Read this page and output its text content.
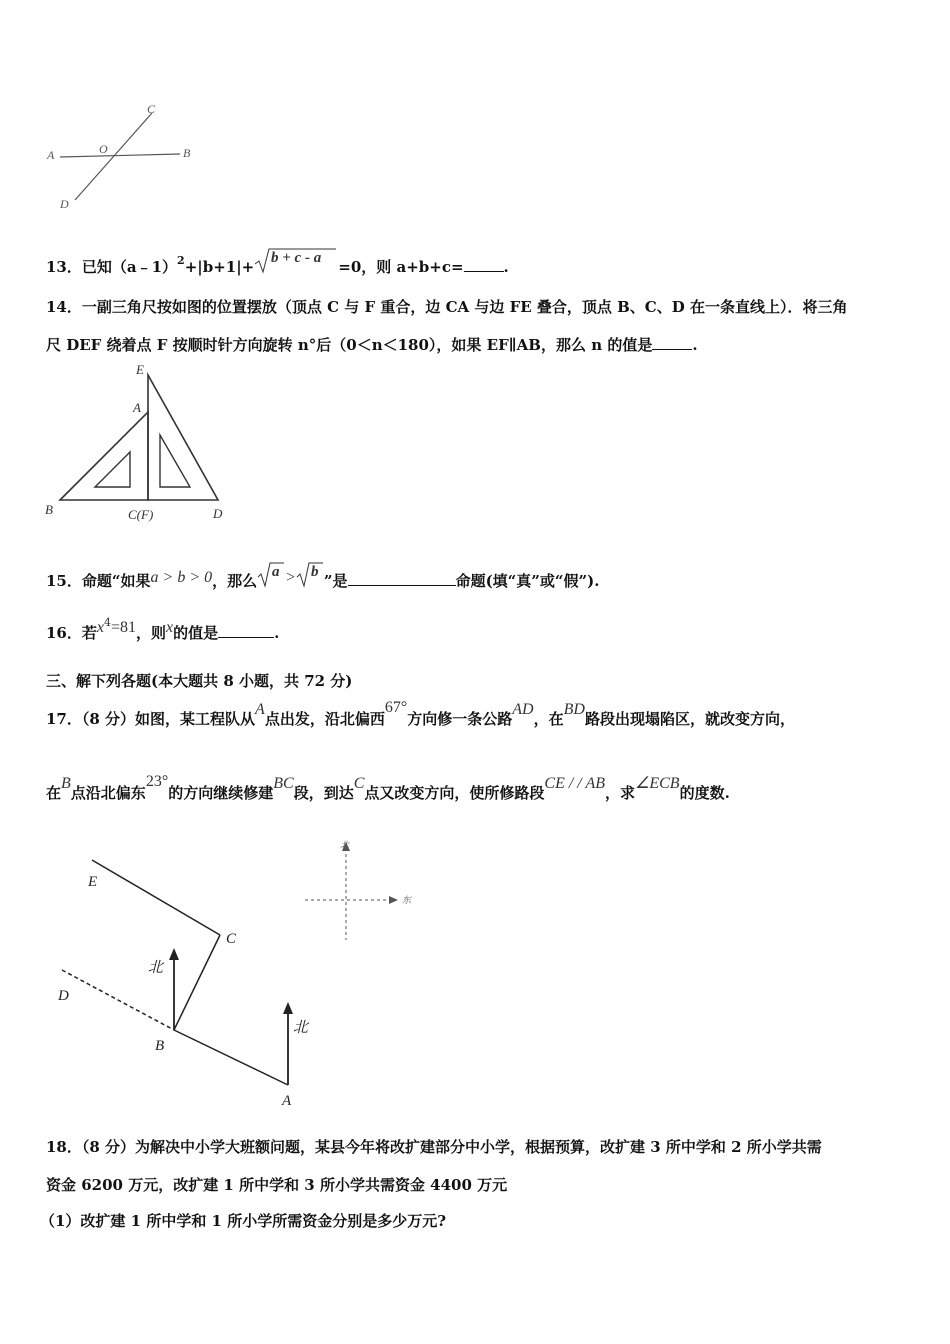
C
A	O	B
D
13．已知（a﹣1）$^2$+|b+1|+ b + c - a =0，则 a+b+c=	.
14．一副三角尺按如图的位置摆放（顶点 C 与 F 重合，边 CA 与边 FE 叠合，顶点 B、C、D 在一条直线上）．将三角
尺 DEF 绕着点 F 按顺时针方向旋转 n°后（0＜n＜180），如果 EF∥AB，那么 n 的值是	.
E
A
B	C(F)	D
15．命题“如果a > b > 0，那么 a > b ”是	命题(填“真”或“假”).
16．若$x^4=81$，则x的值是	.
三、解下列各题(本大题共 8 小题，共 72 分)
17．（8 分）如图，某工程队从A点出发，沿北偏西67°方向修一条公路AD，在BD路段出现塌陷区，就改变方向，
在B点沿北偏东23°的方向继续修建BC段，到达C点又改变方向，使所修路段CE / / AB，求∠ECB的度数.
E
C
北
D
B
北
A
北
东
18．（8 分）为解决中小学大班额问题，某县今年将改扩建部分中小学，根据预算，改扩建 3 所中学和 2 所小学共需
资金 6200 万元，改扩建 1 所中学和 3 所小学共需资金 4400 万元
（1）改扩建 1 所中学和 1 所小学所需资金分别是多少万元?
